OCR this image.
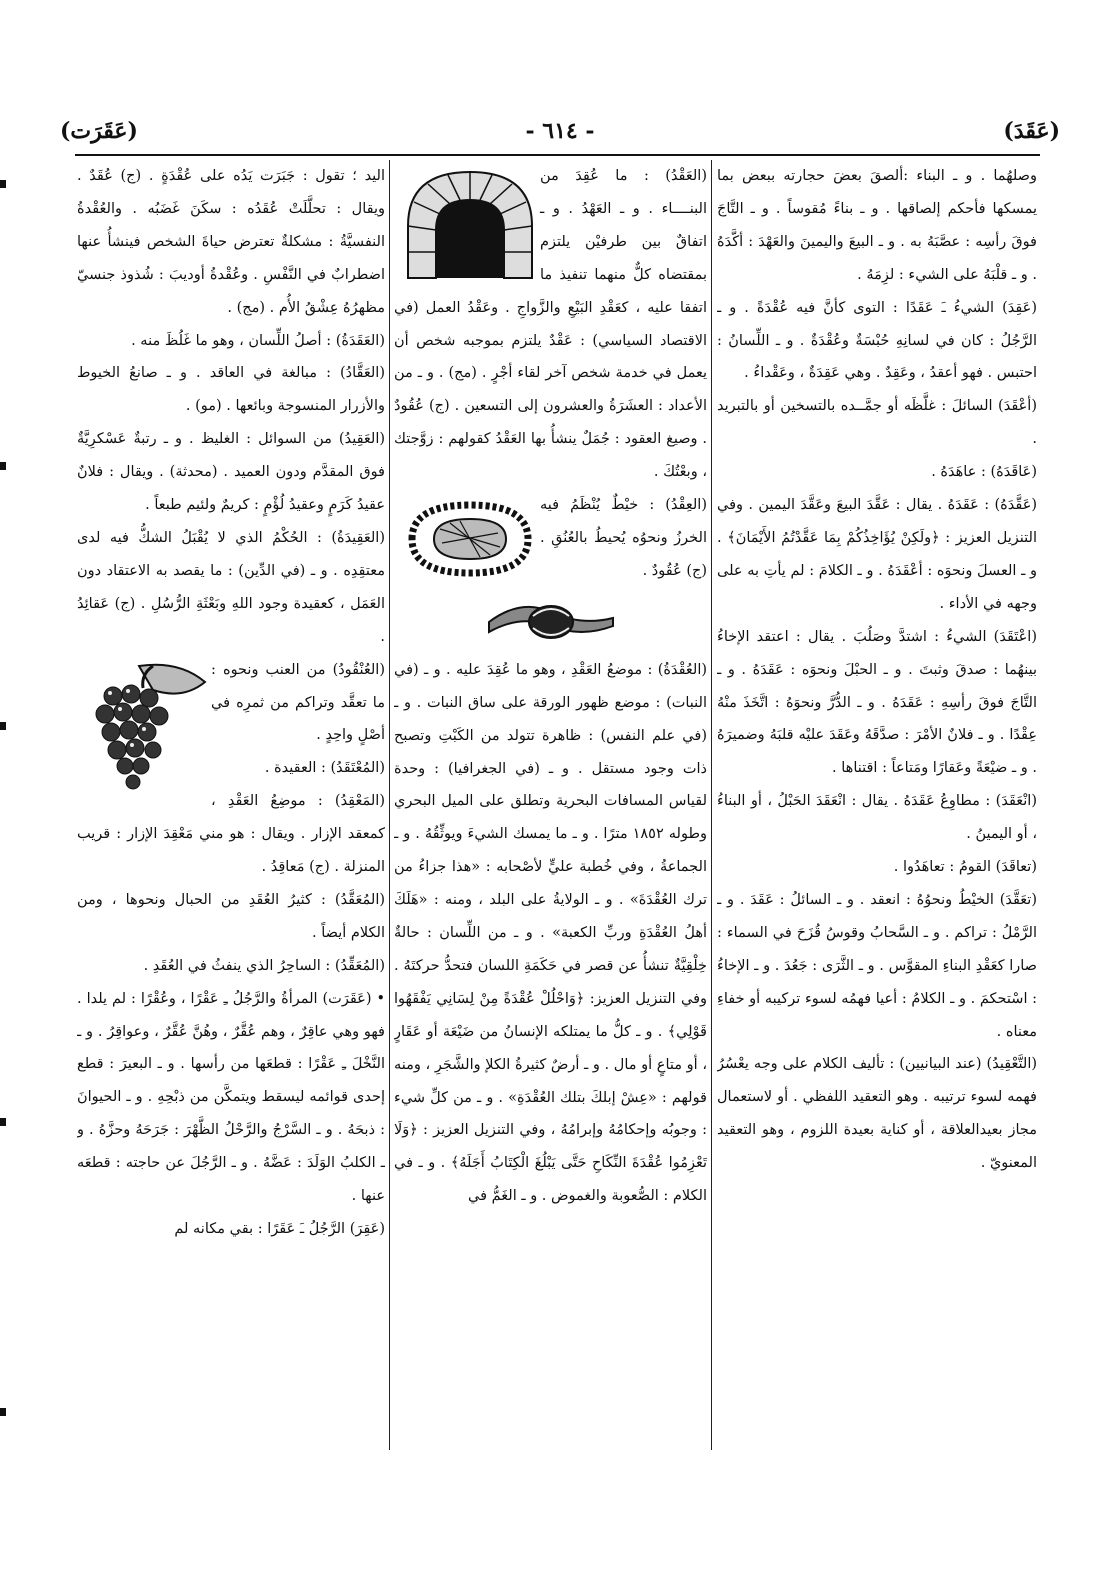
(عَقَدَ)
- ٦١٤ -
(عَقَرَت)

وصلهُما . و ـ البناء :ألصقَ بعضَ حجارته ببعض بما يمسكها فأحكم إلصاقها . و ـ بناءً مُقوساً . و ـ التَّاجَ فوقَ رأسِه : عصَّبَهُ به . و ـ البيعَ واليمينَ والعَهْدَ : أكَّدَهُ . و ـ قلْبَهُ على الشيء : لزِمَهُ .

(عَقِدَ) الشيءُ ـَ عَقَدًا : التوى كأنَّ فيه عُقْدَةً . و ـ الرَّجُلُ : كان في لسانِهِ حُبْسَةٌ وعُقْدَةٌ . و ـ اللِّسانُ : احتبس . فهو أعقدُ ، وعَقِدٌ . وهي عَقِدَةٌ ، وعَقْداءُ .

(أعْقَدَ) السائلَ : غلَّظَه أو جمَّــده بالتسخين أو بالتبريد .

(عَاقَدَهُ) : عاهَدَهُ .

(عَقَّدَهُ) : عَقَدَهُ . يقال : عَقَّدَ البيعَ وعَقَّدَ اليمين . وفي التنزيل العزيز : ﴿ولَكِنْ يُؤَاخِذُكُمْ بِمَا عَقَّدْتُمُ الأَيْمَانَ﴾ . و ـ العسلَ ونحوَه : أعْقَدَهُ . و ـ الكلامَ : لم يأتِ به على وجهه في الأداء .

(اعْتَقَدَ) الشيءُ : اشتدَّ وصَلُبَ . يقال : اعتقد الإخاءُ بينهُما : صدقَ وثبتَ . و ـ الحبْلَ ونحوَه : عَقَدَهُ . و ـ التَّاجَ فوقَ رأسِهِ : عَقَدَهُ . و ـ الدُّرَّ ونحوَهُ : اتَّخَذَ منْهُ عِقْدًا . و ـ فلانٌ الأمْرَ : صدَّقَهُ وعَقَدَ عليْه قلبَهُ وضميرَهُ . و ـ ضيْعَةً وعَقارًا ومَتاعاً : اقتناها .

(انْعَقَدَ) : مطاوِعُ عَقَدَهُ . يقال : انْعَقَدَ الحَبْلُ ، أو البناءُ ، أو اليمينُ .

(تعاقَدَ) القومُ : تعاهَدُوا .

(تعَقَّدَ) الخيْطُ ونحوُهُ : انعقد . و ـ السائلُ : عَقَدَ . و ـ الرَّمْلُ : تراكم . و ـ السَّحابُ وقوسُ قُزَحَ في السماء : صارا كعَقْدِ البناءِ المقوَّس . و ـ الثَّرَى : جَعُدَ . و ـ الإخاءُ : اسْتحكمَ . و ـ الكلامُ : أعيا فهمُه لسوء تركيبه أو خفاءِ معناه .

(التَّعْقِيدُ) (عند البيانيين) : تأليف الكلام على وجه يعْسُرُ فهمه لسوء ترتيبه . وهو التعقيد اللفظي . أو لاستعمال مجاز بعيدالعلاقة ، أو كناية بعيدة اللزوم ، وهو التعقيد المعنويّ .

(العَقْدُ) : ما عُقِدَ من البنــــاء . و ـ العَهْدُ . و ـ اتفاقٌ بين طرفيْن يلتزم بمقتضاه كلٌّ منهما تنفيذ ما اتفقا عليه ، كعَقْدِ البَيْعِ والزَّواجِ . وعَقْدُ العمل (في الاقتصاد السياسي) : عَقْدٌ يلتزم بموجبه شخص أن يعمل في خدمة شخص آخر لقاء أجْرٍ . (مج) . و ـ من الأعداد : العشَرَةُ والعشرون إلى التسعين . (ج) عُقُودٌ . وصيغ العقود : جُمَلٌ ينشأُ بها العَقْدُ كقولهم : زوَّجتك ، وبعْتُكَ .

(العِقْدُ) : خيْطٌ يُنْظَمُ فيه الخرزُ ونحوُه يُحيطُ بالعُنُقِ . (ج) عُقُودٌ .

(العُقْدَةُ) : موضعُ العَقْدِ ، وهو ما عُقِدَ عليه . و ـ (في النبات) : موضع ظهور الورقة على ساق النبات . و ـ (في علم النفس) : ظاهرة تتولد من الكَبْتِ وتصبح ذات وجود مستقل . و ـ (في الجغرافيا) : وحدة لقياس المسافات البحرية وتطلق على الميل البحري وطوله ١٨٥٢ مترًا . و ـ ما يمسك الشيءَ ويوثِّقُهُ . و ـ الجماعةُ ، وفي خُطبة عليٍّ لأصْحابه : «هذا جزاءُ من ترك العُقْدَةَ» . و ـ الولايةُ على البلد ، ومنه : «هَلَكَ أهلُ العُقْدَةِ وربِّ الكعبة» . و ـ من اللِّسان : حالةٌ خِلْقِيَّةٌ تنشأُ عن قصر في حَكَمَةِ اللسان فتحدُّ حركتَهُ . وفي التنزيل العزيز: ﴿وَاحْلُلْ عُقْدَةً مِنْ لِسَانِي يَفْقَهُوا قَوْلِي﴾ . و ـ كلُّ ما يمتلكه الإنسانُ من ضَيْعَة أو عَقَارٍ ، أو متاعٍ أو مال . و ـ أرضٌ كثيرةُ الكلإ والشَّجَرِ ، ومنه قولهم : «عِشْ إبلكَ بتلك العُقْدَةِ» . و ـ من كلِّ شيء : وجوبُه وإحكامُهُ وإبرامُهُ ، وفي التنزيل العزيز : ﴿وَلَا تَعْزِمُوا عُقْدَةَ النِّكَاحِ حَتَّى يَبْلُغَ الْكِتَابُ أَجَلَهُ﴾ . و ـ في الكلام : الصُّعوبة والغموض . و ـ الغَمُّ في

اليد ؛ تقول : جَبَرَت يَدُه على عُقْدَةٍ . (ج) عُقَدٌ . ويقال : تحلَّلَتْ عُقَدُه : سكَنَ غَضَبُه . والعُقْدةُ النفسيَّةُ : مشكلةٌ تعترض حياةَ الشخص فينشأُ عنها اضطرابٌ في النَّفْسِ . وعُقْدةُ أوديبَ : شُذوذ جنسيّ مظهرُهُ عِشْقُ الأُم . (مج) .

(العَقَدَةُ) : أصلُ اللِّسان ، وهو ما غَلُظَ منه .

(العَقَّادُ) : مبالغة في العاقد . و ـ صانعُ الخيوط والأزرار المنسوجة وبائعها . (مو) .

(العَقِيدُ) من السوائل : الغليظ . و ـ رتبةٌ عَسْكرِيَّةٌ فوق المقدَّم ودون العميد . (محدثة) . ويقال : فلانٌ عقيدُ كَرَمٍ وعقيدُ لُؤْمٍ : كريمٌ ولئيم طبعاً .

(العَقِيدَةُ) : الحُكْمُ الذي لا يُقْبَلُ الشكُّ فيه لدى معتقِدِه . و ـ (في الدِّين) : ما يقصد به الاعتقاد دون العَمَل ، كعقيدة وجود اللهِ وبَعْثَةِ الرُّسُلِ . (ج) عَقائِدُ .

(العُنْقُودُ) من العنب ونحوه : ما تعقَّد وتراكم من ثمرِه في أصْلٍ واحِدٍ .

(المُعْتَقَدُ) : العقيدة .

(المَعْقِدُ) : موضِعُ العَقْدِ ، كمعقد الإزار . ويقال : هو مني مَعْقِدَ الإزار : قريب المنزلة . (ج) مَعاقِدُ .

(المُعَقَّدُ) : كثيرُ العُقَدِ من الحبال ونحوها ، ومن الكلام أيضاً .

(المُعَقِّدُ) : الساحِرُ الذي ينفثُ في العُقَدِ .

• (عَقَرَت) المرأةُ والرَّجُلُ ـِ عَقْرًا ، وعُقْرًا : لم يلدا . فهو وهي عاقِرٌ ، وهم عُقَّرٌ ، وهُنَّ عُقَّرٌ ، وعواقِرُ . و ـ النَّخْلَ ـِ عَقْرًا : قطعَها من رأسها . و ـ البعيرَ : قطع إحدى قوائمه ليسقط ويتمكَّن من ذبْحِهِ . و ـ الحيوانَ : ذبحَهُ . و ـ السَّرْجُ والرَّحْلُ الظَّهْرَ : جَرَحَهُ وحزَّهُ . و ـ الكلبُ الوَلَدَ : عَضَّهُ . و ـ الرَّجُلَ عن حاجته : قطعَه عنها .

(عَقِرَ) الرَّجُلُ ـَ عَقَرًا : بقي مكانه لم
